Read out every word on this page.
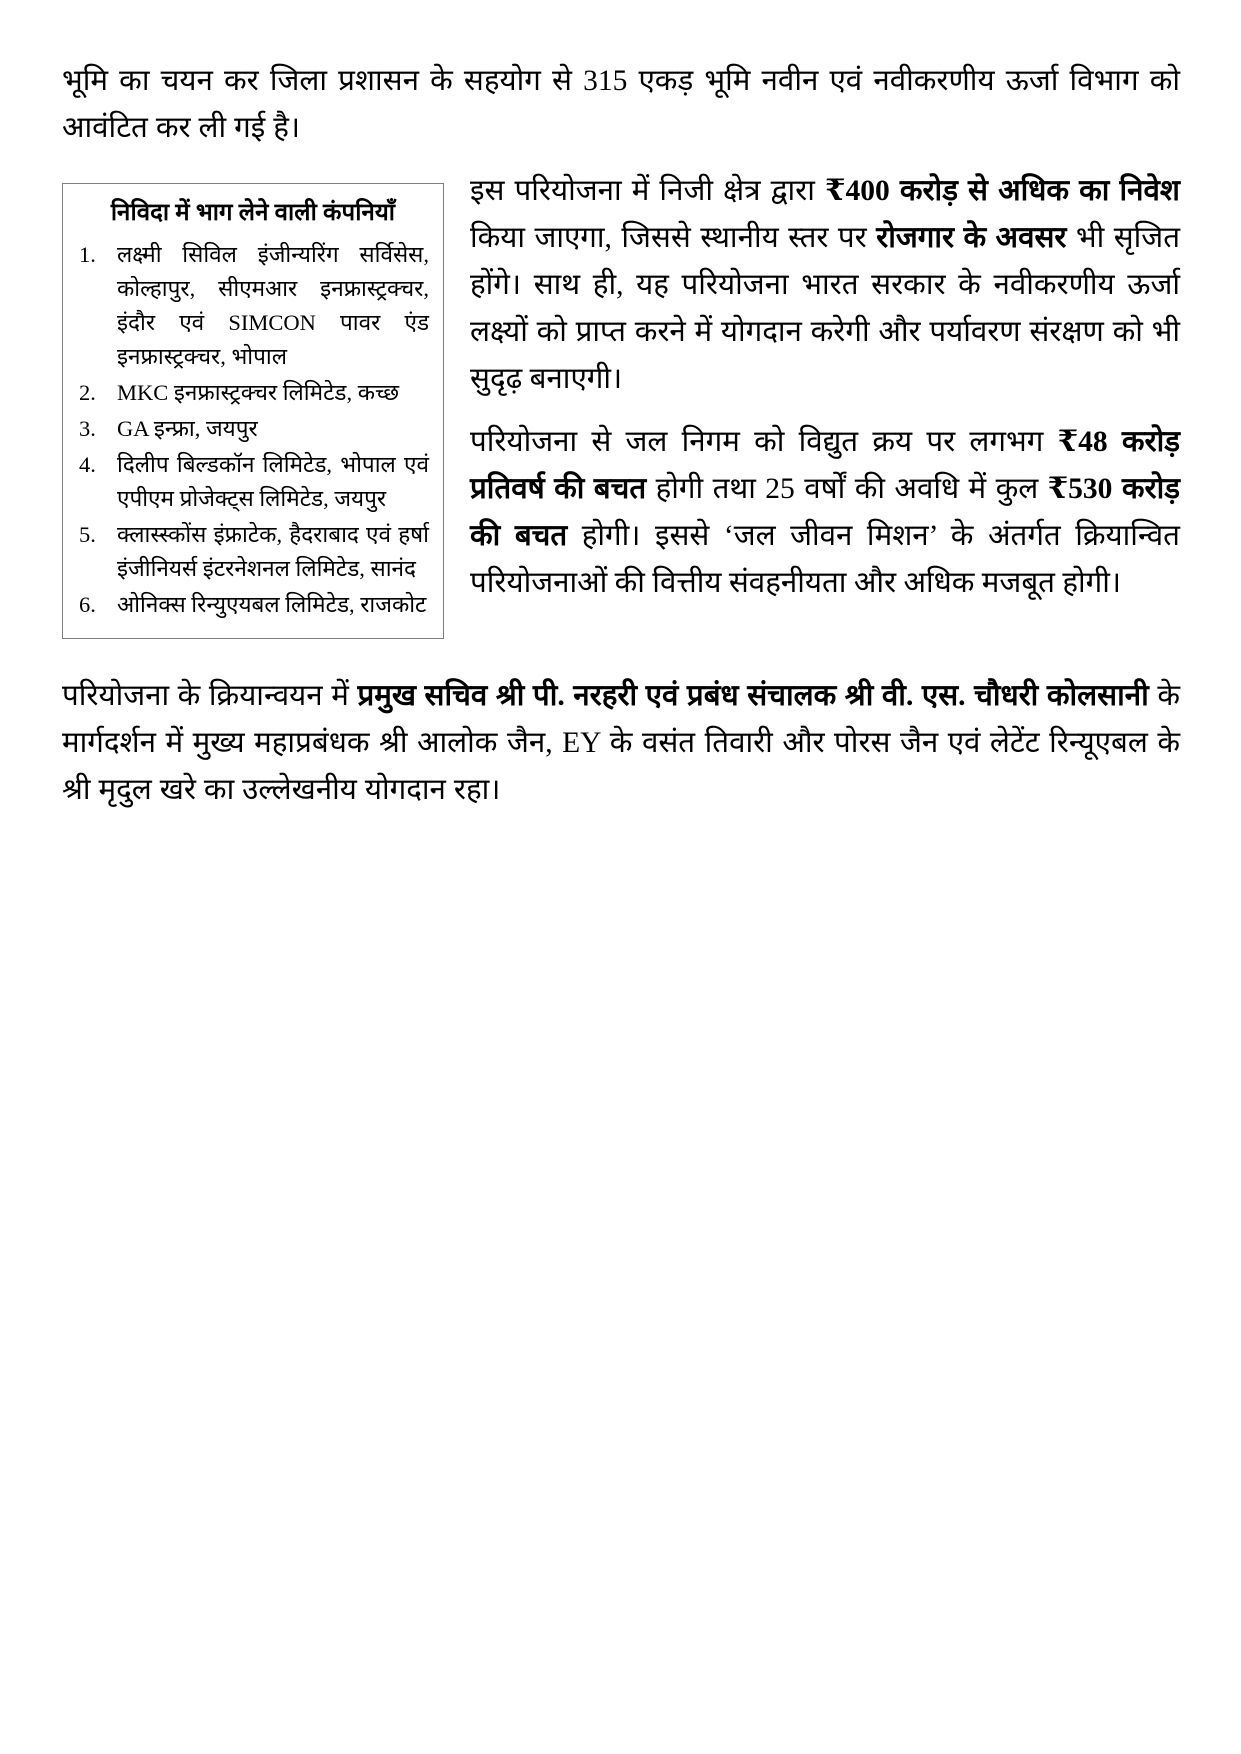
भूमि का चयन कर जिला प्रशासन के सहयोग से 315 एकड़ भूमि नवीन एवं नवीकरणीय ऊर्जा विभाग को आवंटित कर ली गई है।

निविदा में भाग लेने वाली कंपनियाँ
1. लक्ष्मी सिविल इंजीन्यरिंग सर्विसेस, कोल्हापुर, सीएमआर इनफ्रास्ट्रक्चर, इंदौर एवं SIMCON पावर एंड इनफ्रास्ट्रक्चर, भोपाल
2. MKC इनफ्रास्ट्रक्चर लिमिटेड, कच्छ
3. GA इन्फ्रा, जयपुर
4. दिलीप बिल्डकॉन लिमिटेड, भोपाल एवं एपीएम प्रोजेक्ट्स लिमिटेड, जयपुर
5. क्लास्स्कोंस इंफ्राटेक, हैदराबाद एवं हर्षा इंजीनियर्स इंटरनेशनल लिमिटेड, सानंद
6. ओनिक्स रिन्युएयबल लिमिटेड, राजकोट

इस परियोजना में निजी क्षेत्र द्वारा ₹400 करोड़ से अधिक का निवेश किया जाएगा, जिससे स्थानीय स्तर पर रोजगार के अवसर भी सृजित होंगे। साथ ही, यह परियोजना भारत सरकार के नवीकरणीय ऊर्जा लक्ष्यों को प्राप्त करने में योगदान करेगी और पर्यावरण संरक्षण को भी सुदृढ़ बनाएगी।

परियोजना से जल निगम को विद्युत क्रय पर लगभग ₹48 करोड़ प्रतिवर्ष की बचत होगी तथा 25 वर्षों की अवधि में कुल ₹530 करोड़ की बचत होगी। इससे ‘जल जीवन मिशन’ के अंतर्गत क्रियान्वित परियोजनाओं की वित्तीय संवहनीयता और अधिक मजबूत होगी।

परियोजना के क्रियान्वयन में प्रमुख सचिव श्री पी. नरहरी एवं प्रबंध संचालक श्री वी. एस. चौधरी कोलसानी के मार्गदर्शन में मुख्य महाप्रबंधक श्री आलोक जैन, EY के वसंत तिवारी और पोरस जैन एवं लेटेंट रिन्यूएबल के श्री मृदुल खरे का उल्लेखनीय योगदान रहा।
